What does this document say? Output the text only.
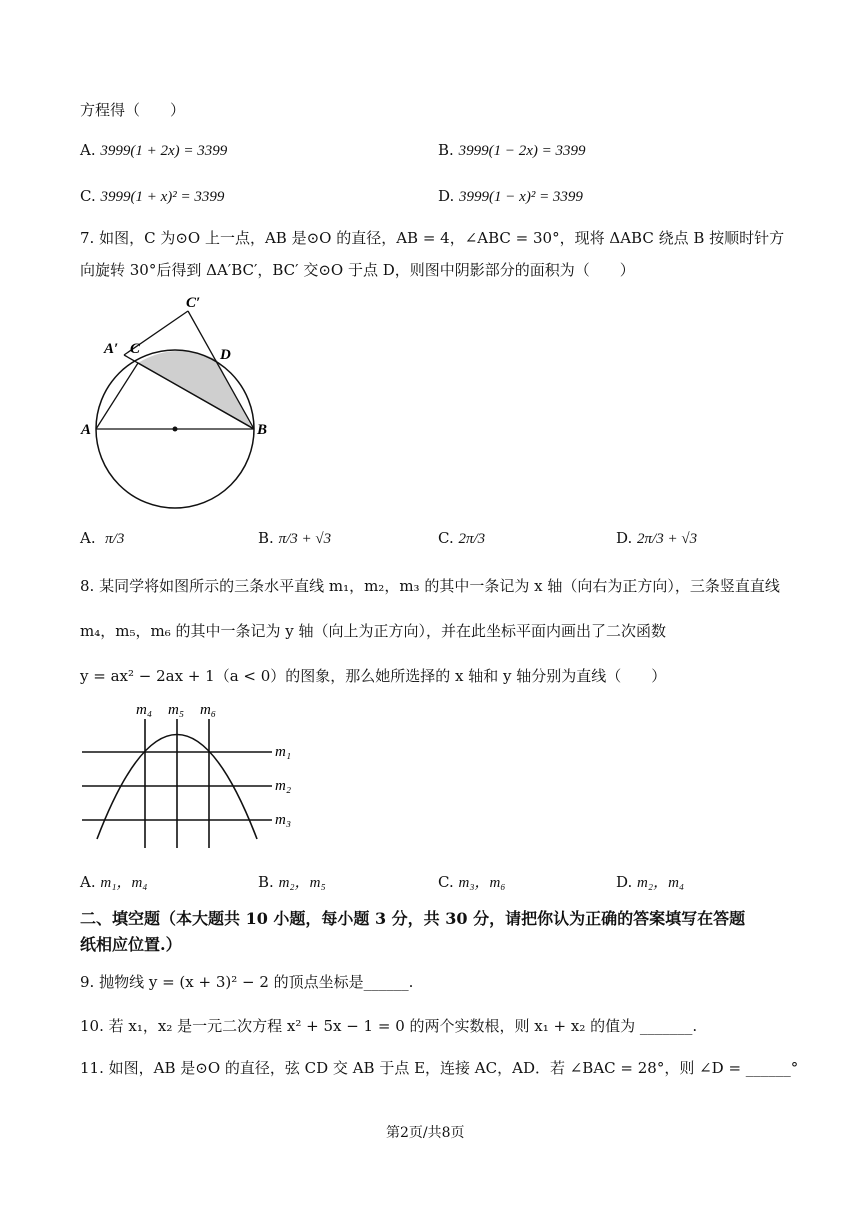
方程得（　　）
A. 3999(1 + 2x) = 3399	B. 3999(1 − 2x) = 3399
C. 3999(1 + x)² = 3399	D. 3999(1 − x)² = 3399
7. 如图，C 为⊙O 上一点，AB 是⊙O 的直径，AB = 4，∠ABC = 30°，现将 ΔABC 绕点 B 按顺时针方
向旋转 30°后得到 ΔA′BC′，BC′ 交⊙O 于点 D，则图中阴影部分的面积为（　　）
C′
A′ C	D
A	B
A. π/3	B. π/3 + √3	C. 2π/3	D. 2π/3 + √3
8. 某同学将如图所示的三条水平直线 m₁，m₂，m₃ 的其中一条记为 x 轴（向右为正方向），三条竖直直线
m₄，m₅，m₆ 的其中一条记为 y 轴（向上为正方向），并在此坐标平面内画出了二次函数
y = ax² − 2ax + 1（a < 0）的图象，那么她所选择的 x 轴和 y 轴分别为直线（　　）
m₄ m₅ m₆
m₁
m₂
m₃
A. m₁，m₄	B. m₂，m₅	C. m₃，m₆	D. m₂，m₄
二、填空题（本大题共 10 小题，每小题 3 分，共 30 分，请把你认为正确的答案填写在答题
纸相应位置.）
9. 抛物线 y = (x + 3)² − 2 的顶点坐标是______.
10. 若 x₁，x₂ 是一元二次方程 x² + 5x − 1 = 0 的两个实数根，则 x₁ + x₂ 的值为 _______.
11. 如图，AB 是⊙O 的直径，弦 CD 交 AB 于点 E，连接 AC，AD．若 ∠BAC = 28°，则 ∠D = ______°
第2页/共8页
